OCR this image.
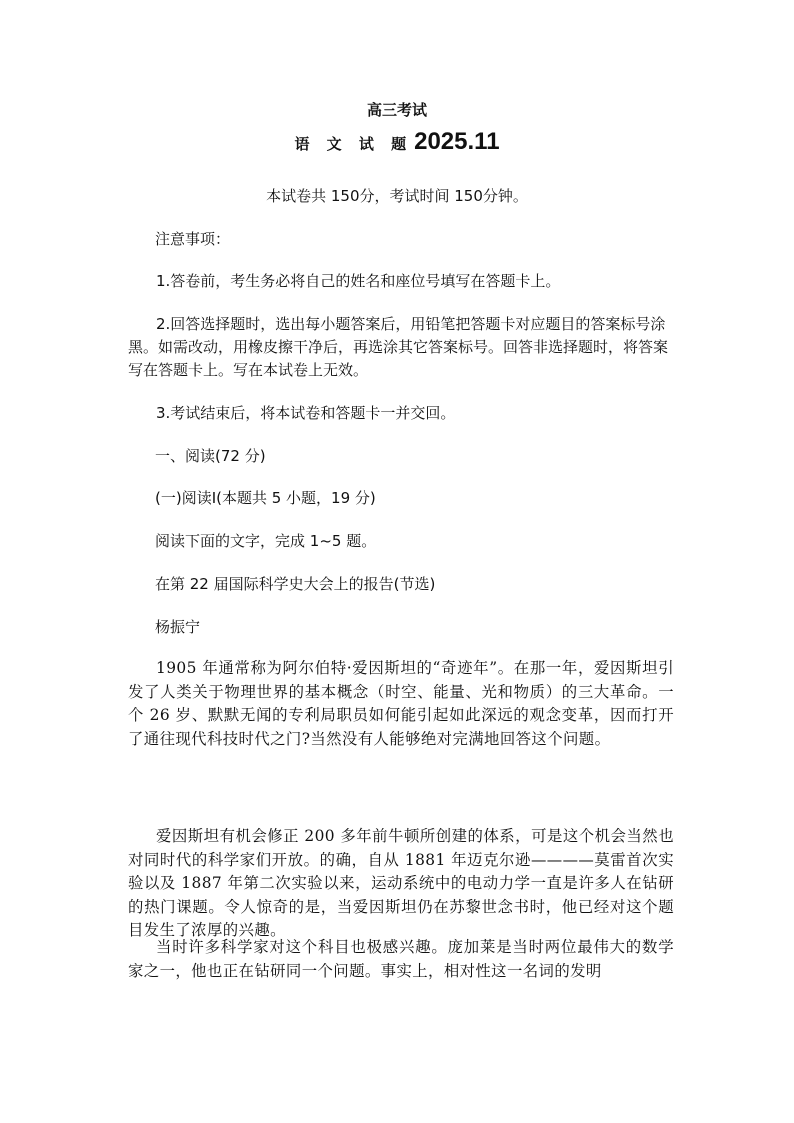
高三考试
语 文 试 题2025.11
本试卷共 150分，考试时间 150分钟。
注意事项：

1.答卷前，考生务必将自己的姓名和座位号填写在答题卡上。

2.回答选择题时，选出每小题答案后，用铅笔把答题卡对应题目的答案标号涂黑。如需改动，用橡皮擦干净后，再选涂其它答案标号。回答非选择题时，将答案写在答题卡上。写在本试卷上无效。

3.考试结束后，将本试卷和答题卡一并交回。

一、阅读(72 分)
(一)阅读Ⅰ(本题共 5 小题，19 分)
阅读下面的文字，完成 1~5 题。
在第 22 届国际科学史大会上的报告(节选)
杨振宁

1905 年通常称为阿尔伯特·爱因斯坦的“奇迹年”。在那一年，爱因斯坦引发了人类关于物理世界的基本概念（时空、能量、光和物质）的三大革命。一个 26 岁、默默无闻的专利局职员如何能引起如此深远的观念变革，因而打开了通往现代科技时代之门?当然没有人能够绝对完满地回答这个问题。

爱因斯坦有机会修正 200 多年前牛顿所创建的体系，可是这个机会当然也对同时代的科学家们开放。的确，自从 1881 年迈克尔逊————莫雷首次实验以及 1887 年第二次实验以来，运动系统中的电动力学一直是许多人在钻研的热门课题。令人惊奇的是，当爱因斯坦仍在苏黎世念书时，他已经对这个题目发生了浓厚的兴趣。

当时许多科学家对这个科目也极感兴趣。庞加莱是当时两位最伟大的数学家之一，他也正在钻研同一个问题。事实上，相对性这一名词的发明
